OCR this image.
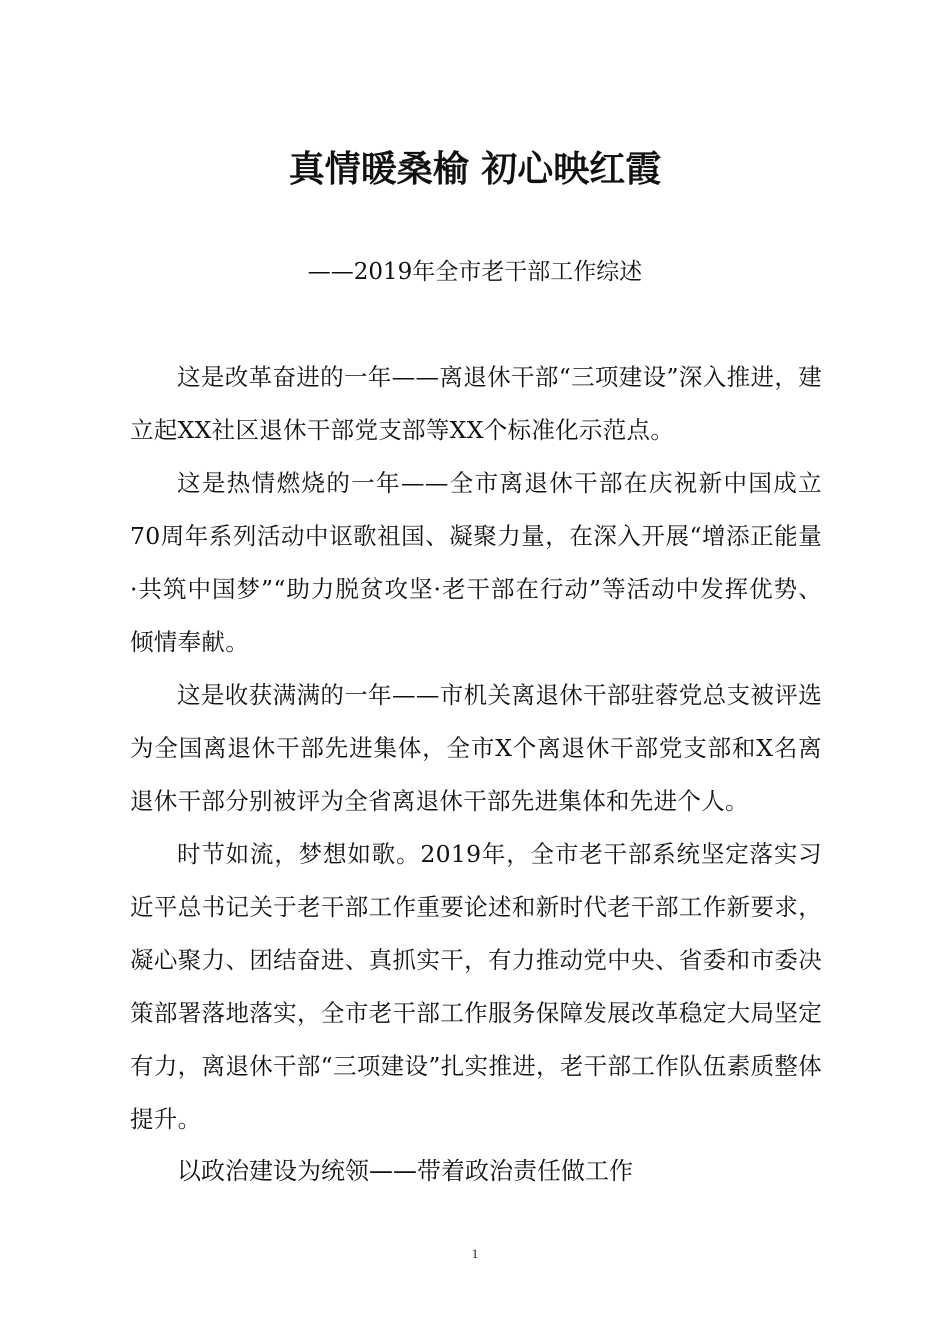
真情暖桑榆 初心映红霞
——2019年全市老干部工作综述

这是改革奋进的一年——离退休干部“三项建设”深入推进，建立起XX社区退休干部党支部等XX个标准化示范点。

这是热情燃烧的一年——全市离退休干部在庆祝新中国成立70周年系列活动中讴歌祖国、凝聚力量，在深入开展“增添正能量·共筑中国梦”“助力脱贫攻坚·老干部在行动”等活动中发挥优势、倾情奉献。

这是收获满满的一年——市机关离退休干部驻蓉党总支被评选为全国离退休干部先进集体，全市X个离退休干部党支部和X名离退休干部分别被评为全省离退休干部先进集体和先进个人。

时节如流，梦想如歌。2019年，全市老干部系统坚定落实习近平总书记关于老干部工作重要论述和新时代老干部工作新要求，凝心聚力、团结奋进、真抓实干，有力推动党中央、省委和市委决策部署落地落实，全市老干部工作服务保障发展改革稳定大局坚定有力，离退休干部“三项建设”扎实推进，老干部工作队伍素质整体提升。

以政治建设为统领——带着政治责任做工作
1
